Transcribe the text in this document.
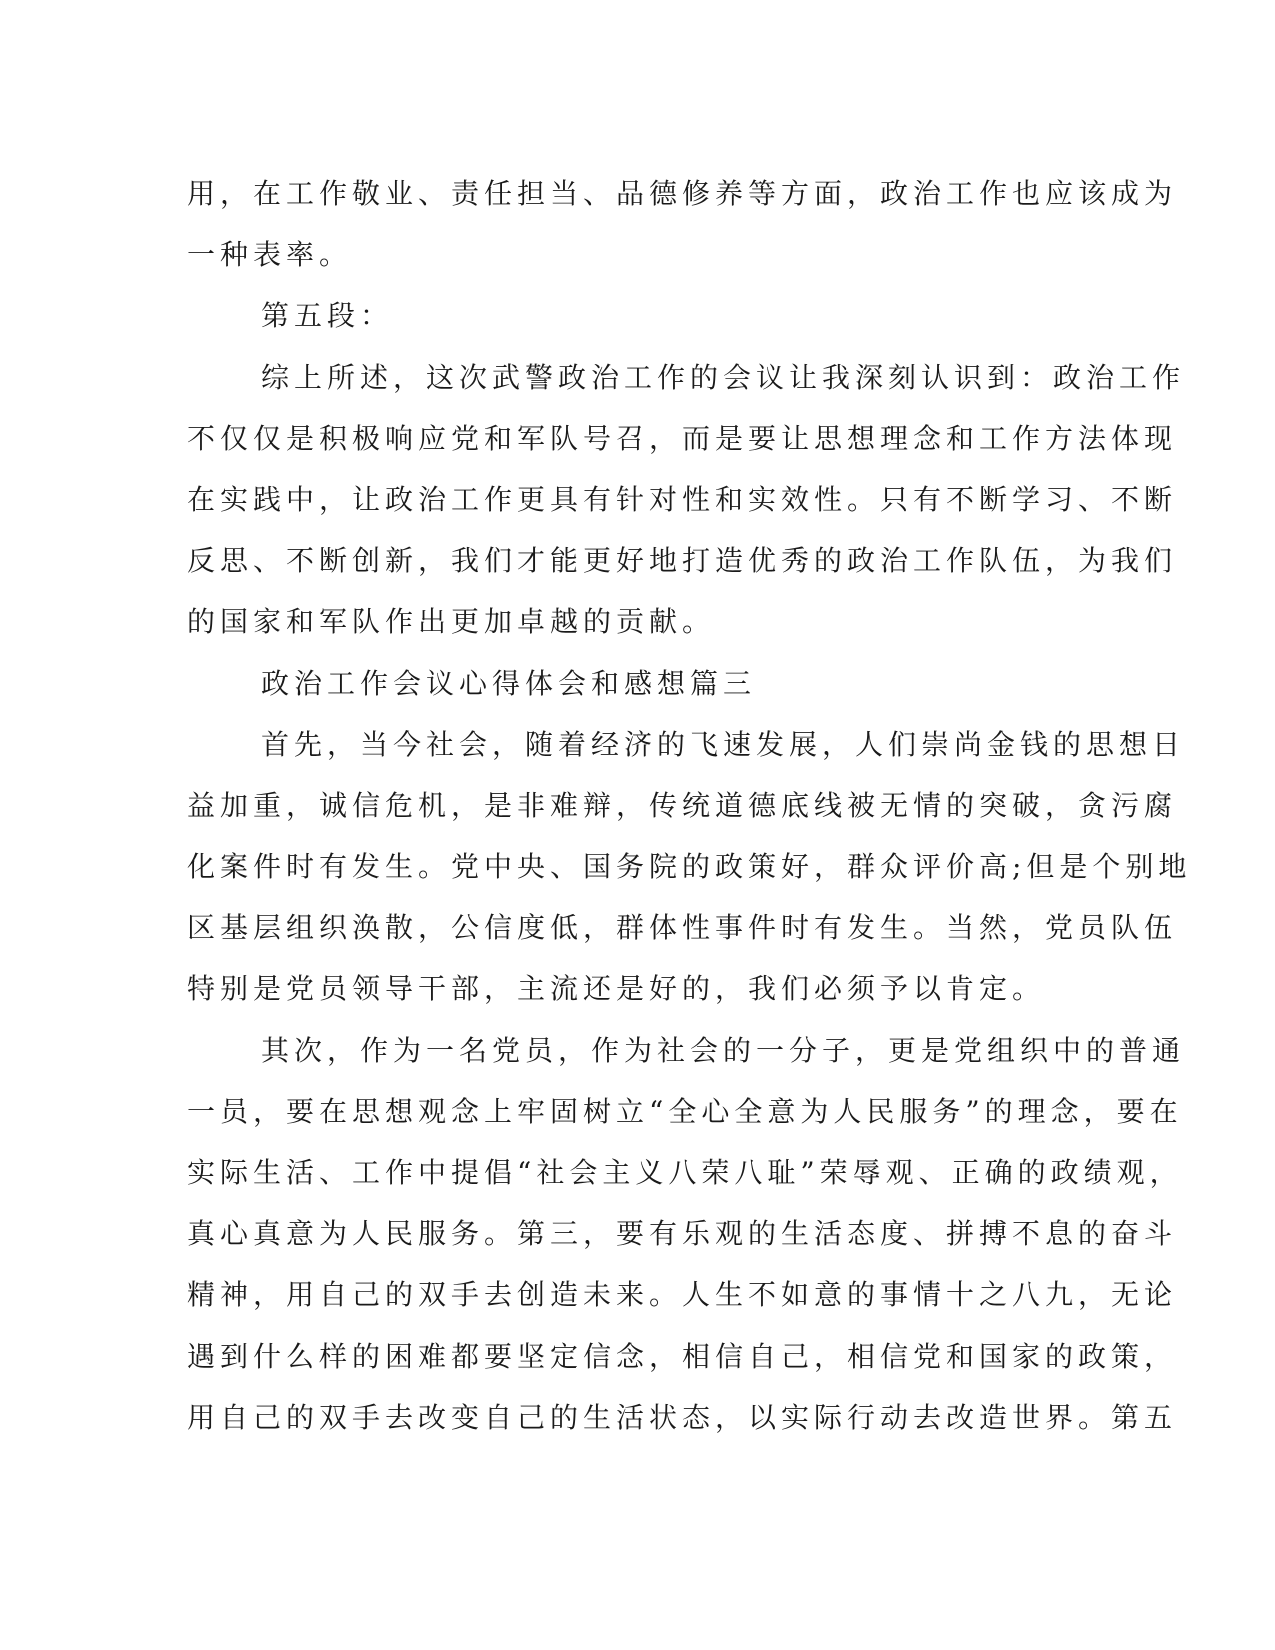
用，在工作敬业、责任担当、品德修养等方面，政治工作也应该成为
一种表率。
第五段：
综上所述，这次武警政治工作的会议让我深刻认识到：政治工作
不仅仅是积极响应党和军队号召，而是要让思想理念和工作方法体现
在实践中，让政治工作更具有针对性和实效性。只有不断学习、不断
反思、不断创新，我们才能更好地打造优秀的政治工作队伍，为我们
的国家和军队作出更加卓越的贡献。
政治工作会议心得体会和感想篇三
首先，当今社会，随着经济的飞速发展，人们崇尚金钱的思想日
益加重，诚信危机，是非难辩，传统道德底线被无情的突破，贪污腐
化案件时有发生。党中央、国务院的政策好，群众评价高;但是个别地
区基层组织涣散，公信度低，群体性事件时有发生。当然，党员队伍
特别是党员领导干部，主流还是好的，我们必须予以肯定。
其次，作为一名党员，作为社会的一分子，更是党组织中的普通
一员，要在思想观念上牢固树立“全心全意为人民服务”的理念，要在
实际生活、工作中提倡“社会主义八荣八耻”荣辱观、正确的政绩观，
真心真意为人民服务。第三，要有乐观的生活态度、拼搏不息的奋斗
精神，用自己的双手去创造未来。人生不如意的事情十之八九，无论
遇到什么样的困难都要坚定信念，相信自己，相信党和国家的政策，
用自己的双手去改变自己的生活状态，以实际行动去改造世界。第五
